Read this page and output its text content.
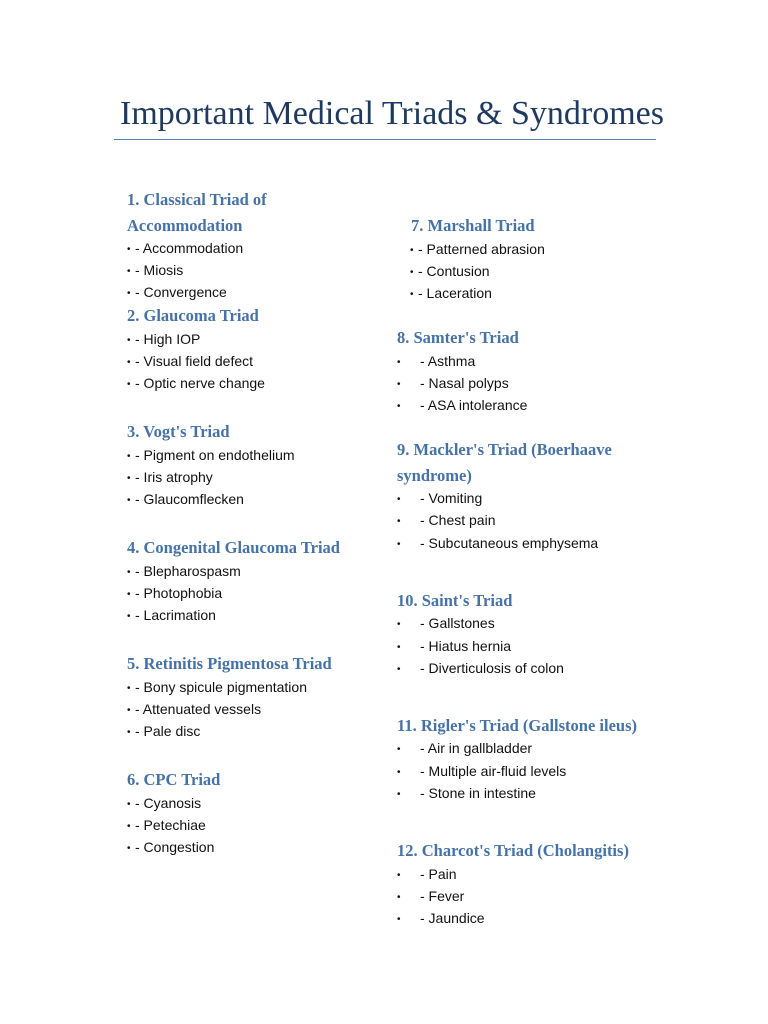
Important Medical Triads & Syndromes
1. Classical Triad of Accommodation
• - Accommodation
• - Miosis
• - Convergence
2. Glaucoma Triad
• - High IOP
• - Visual field defect
• - Optic nerve change
3. Vogt's Triad
• - Pigment on endothelium
• - Iris atrophy
• - Glaucomflecken
4. Congenital Glaucoma Triad
• - Blepharospasm
• - Photophobia
• - Lacrimation
5. Retinitis Pigmentosa Triad
• - Bony spicule pigmentation
• - Attenuated vessels
• - Pale disc
6. CPC Triad
• - Cyanosis
• - Petechiae
• - Congestion
7. Marshall Triad
• - Patterned abrasion
• - Contusion
• - Laceration
8. Samter's Triad
• - Asthma
• - Nasal polyps
• - ASA intolerance
9. Mackler's Triad (Boerhaave syndrome)
• - Vomiting
• - Chest pain
• - Subcutaneous emphysema
10. Saint's Triad
• - Gallstones
• - Hiatus hernia
• - Diverticulosis of colon
11. Rigler's Triad (Gallstone ileus)
• - Air in gallbladder
• - Multiple air-fluid levels
• - Stone in intestine
12. Charcot's Triad (Cholangitis)
• - Pain
• - Fever
• - Jaundice
